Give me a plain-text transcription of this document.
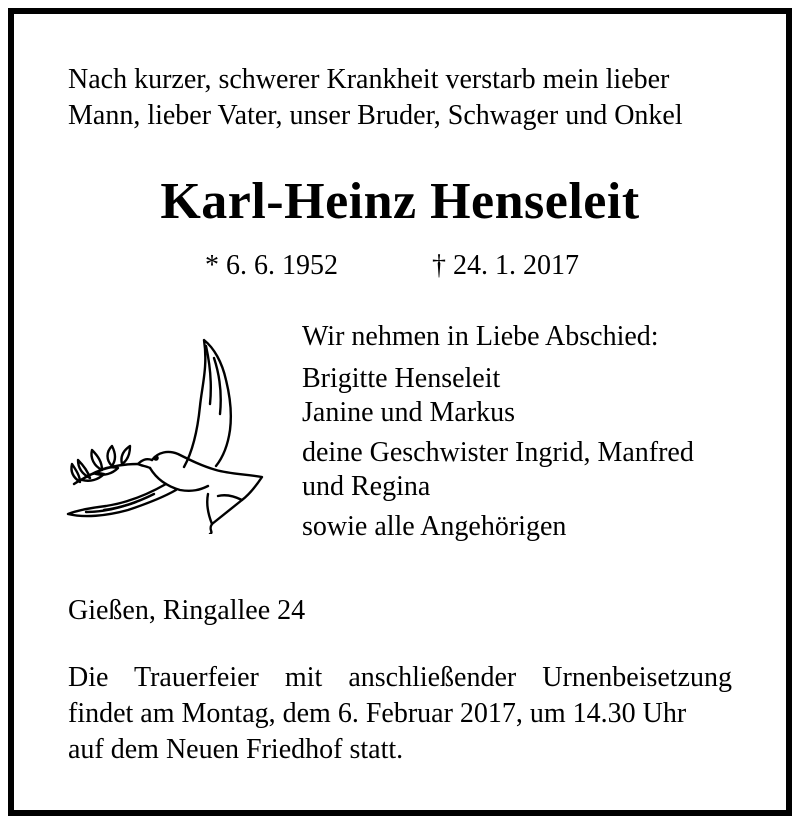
Nach kurzer, schwerer Krankheit verstarb mein lieber
Mann, lieber Vater, unser Bruder, Schwager und Onkel
Karl-Heinz Henseleit
* 6. 6. 1952	† 24. 1. 2017
Wir nehmen in Liebe Abschied:
Brigitte Henseleit
Janine und Markus
deine Geschwister Ingrid, Manfred
und Regina
sowie alle Angehörigen
Gießen, Ringallee 24
Die Trauerfeier mit anschließender Urnenbeisetzung
findet am Montag, dem 6. Februar 2017, um 14.30 Uhr
auf dem Neuen Friedhof statt.
